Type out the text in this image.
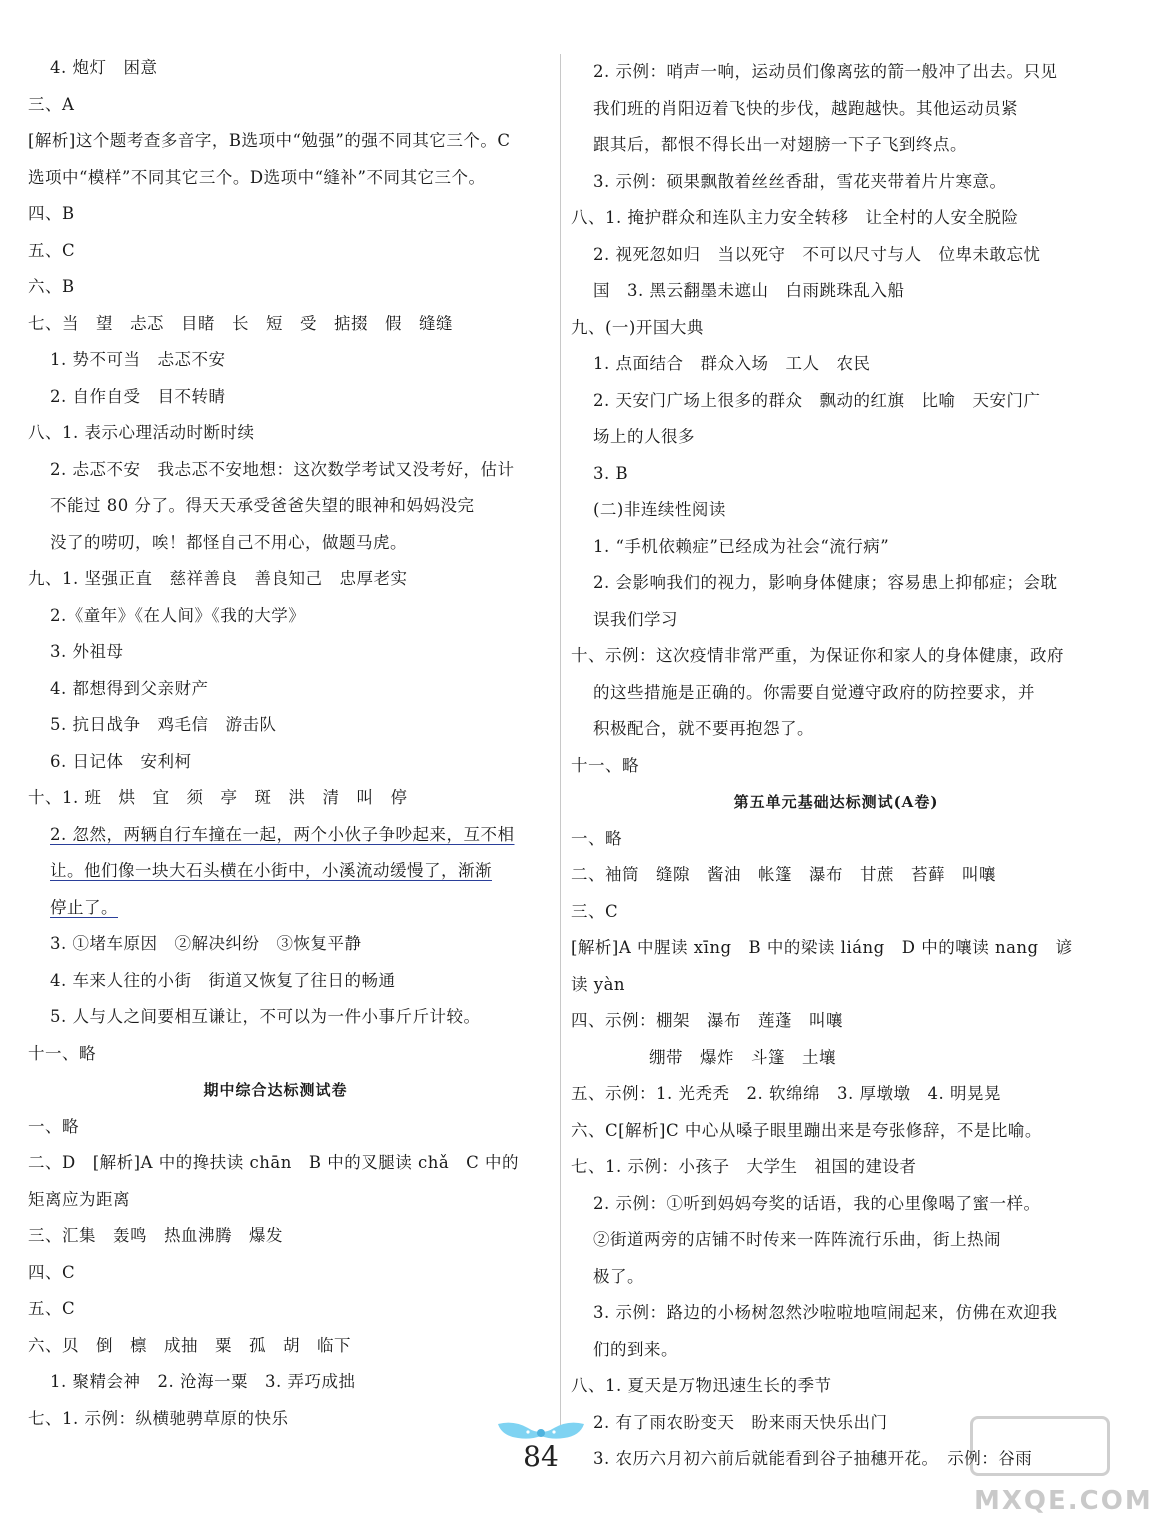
4. 炮灯　困意
三、A
[解析]这个题考查多音字，B选项中“勉强”的强不同其它三个。C
选项中“模样”不同其它三个。D选项中“缝补”不同其它三个。
四、B
五、C
六、B
七、当　望　忐忑　目睹　长　短　受　掂掇　假　缝缝
1. 势不可当　忐忑不安
2. 自作自受　目不转睛
八、1. 表示心理活动时断时续
2. 忐忑不安　我忐忑不安地想：这次数学考试又没考好，估计
不能过 80 分了。得天天承受爸爸失望的眼神和妈妈没完
没了的唠叨，唉！都怪自己不用心，做题马虎。
九、1. 坚强正直　慈祥善良　善良知己　忠厚老实
2.《童年》《在人间》《我的大学》
3. 外祖母
4. 都想得到父亲财产
5. 抗日战争　鸡毛信　游击队
6. 日记体　安利柯
十、1. 班　烘　宜　须　亭　斑　洪　清　叫　停
2. 忽然，两辆自行车撞在一起，两个小伙子争吵起来，互不相
让。他们像一块大石头横在小街中，小溪流动缓慢了，渐渐
停止了。
3. ①堵车原因　②解决纠纷　③恢复平静
4. 车来人往的小街　街道又恢复了往日的畅通
5. 人与人之间要相互谦让，不可以为一件小事斤斤计较。
十一、略
期中综合达标测试卷
一、略
二、D　[解析]A 中的搀扶读 chān　B 中的叉腿读 chǎ　C 中的
矩离应为距离
三、汇集　轰鸣　热血沸腾　爆发
四、C
五、C
六、贝　倒　檩　成抽　粟　孤　胡　临下
1. 聚精会神　2. 沧海一粟　3. 弄巧成拙
七、1. 示例：纵横驰骋草原的快乐
2. 示例：哨声一响，运动员们像离弦的箭一般冲了出去。只见
我们班的肖阳迈着飞快的步伐，越跑越快。其他运动员紧
跟其后，都恨不得长出一对翅膀一下子飞到终点。
3. 示例：硕果飘散着丝丝香甜，雪花夹带着片片寒意。
八、1. 掩护群众和连队主力安全转移　让全村的人安全脱险
2. 视死忽如归　当以死守　不可以尺寸与人　位卑未敢忘忧
国　3. 黑云翻墨未遮山　白雨跳珠乱入船
九、(一)开国大典
1. 点面结合　群众入场　工人　农民
2. 天安门广场上很多的群众　飘动的红旗　比喻　天安门广
场上的人很多
3. B
(二)非连续性阅读
1. “手机依赖症”已经成为社会“流行病”
2. 会影响我们的视力，影响身体健康；容易患上抑郁症；会耽
误我们学习
十、示例：这次疫情非常严重，为保证你和家人的身体健康，政府
的这些措施是正确的。你需要自觉遵守政府的防控要求，并
积极配合，就不要再抱怨了。
十一、略
第五单元基础达标测试(A卷)
一、略
二、袖筒　缝隙　酱油　帐篷　瀑布　甘蔗　苔藓　叫嚷
三、C
[解析]A 中腥读 xīng　B 中的梁读 liáng　D 中的嚷读 nang　谚
读 yàn
四、示例：棚架　瀑布　莲蓬　叫嚷
绷带　爆炸　斗篷　土壤
五、示例：1. 光秃秃　2. 软绵绵　3. 厚墩墩　4. 明晃晃
六、C[解析]C 中心从嗓子眼里蹦出来是夸张修辞，不是比喻。
七、1. 示例：小孩子　大学生　祖国的建设者
2. 示例：①听到妈妈夸奖的话语，我的心里像喝了蜜一样。
②街道两旁的店铺不时传来一阵阵流行乐曲，街上热闹
极了。
3. 示例：路边的小杨树忽然沙啦啦地喧闹起来，仿佛在欢迎我
们的到来。
八、1. 夏天是万物迅速生长的季节
2. 有了雨农盼变天　盼来雨天快乐出门
3. 农历六月初六前后就能看到谷子抽穗开花。　示例：谷雨
84
MXQE.COM
